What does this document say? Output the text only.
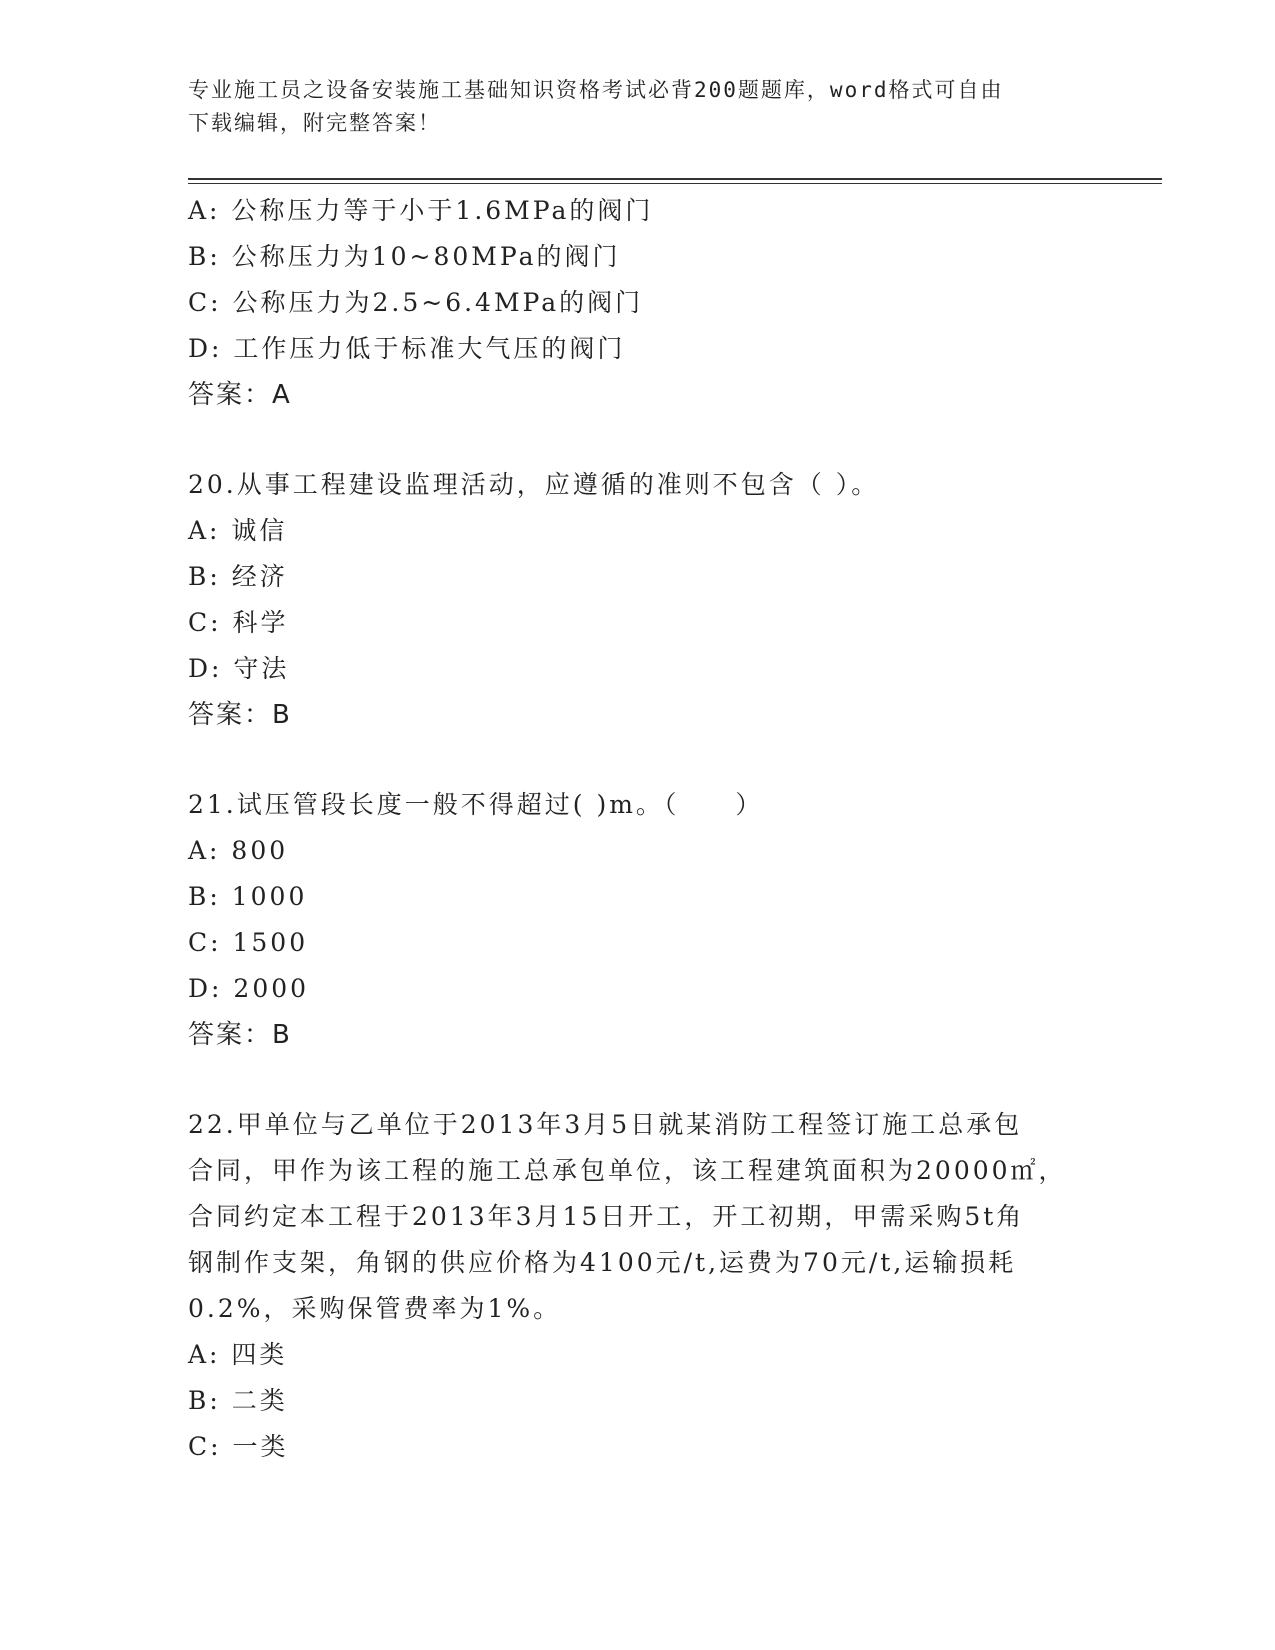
专业施工员之设备安装施工基础知识资格考试必背200题题库，word格式可自由
下载编辑，附完整答案！
A: 公称压力等于小于1.6MPa的阀门
B: 公称压力为10~80MPa的阀门
C: 公称压力为2.5~6.4MPa的阀门
D: 工作压力低于标准大气压的阀门
答案：A
20.从事工程建设监理活动，应遵循的准则不包含（ ）。
A: 诚信
B: 经济
C: 科学
D: 守法
答案：B
21.试压管段长度一般不得超过( )m。（　　）
A: 800
B: 1000
C: 1500
D: 2000
答案：B
22.甲单位与乙单位于2013年3月5日就某消防工程签订施工总承包
合同，甲作为该工程的施工总承包单位，该工程建筑面积为20000㎡，
合同约定本工程于2013年3月15日开工，开工初期，甲需采购5t角
钢制作支架，角钢的供应价格为4100元/t,运费为70元/t,运输损耗
0.2%，采购保管费率为1%。
A: 四类
B: 二类
C: 一类
